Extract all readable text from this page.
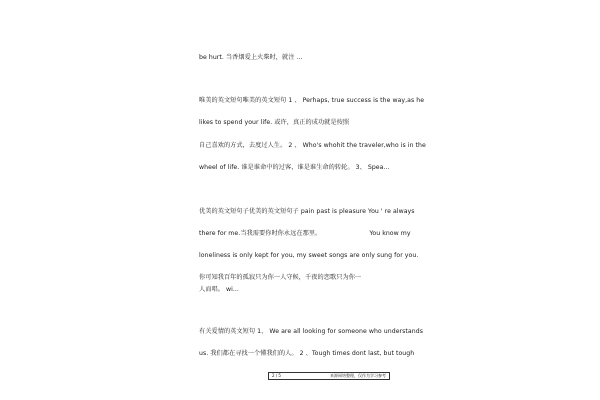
be hurt. 当香烟爱上火柴时，就注 ...
唯美的英文短句唯美的英文短句 1 、 Perhaps, true success is the way,as he
likes to spend your life. 或许，真正的成功就是按照
自己喜欢的方式，去度过人生。 2 、 Who's whohit the traveler,who is in the
wheel of life. 谁是谁命中的过客，谁是谁生命的转轮。 3、 Spea...
优美的英文短句子优美的英文短句子 pain past is pleasure You ' re always
there for me.当我需要你时你永远在那里。	You know my
loneliness is only kept for you, my sweet songs are only sung for you.
你可知我百年的孤寂只为你一人守候，千夜的恋歌只为你一
人而唱。 wi...
有关爱情的英文短句 1、 We are all looking for someone who understands
us. 我们都在寻找一个懂我们的人。 2 、Tough times dont last, but tough
2 / 5	来源网络整理，仅作为学习参考
